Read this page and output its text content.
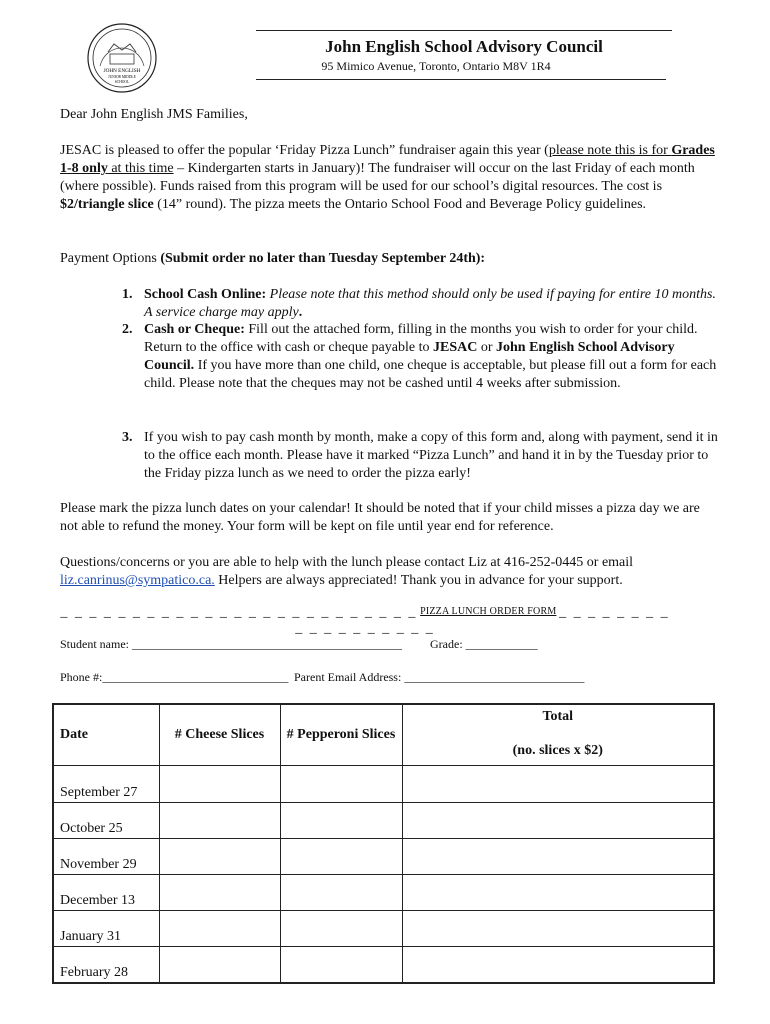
JOHN ENGLISH
JUNIOR MIDDLE
SCHOOL
John English School Advisory Council
95 Mimico Avenue, Toronto, Ontario M8V 1R4
Dear John English JMS Families,
JESAC is pleased to offer the popular ‘Friday Pizza Lunch” fundraiser again this year (please note this is for Grades 1-8 only at this time – Kindergarten starts in January)! The fundraiser will occur on the last Friday of each month (where possible). Funds raised from this program will be used for our school’s digital resources. The cost is $2/triangle slice (14” round). The pizza meets the Ontario School Food and Beverage Policy guidelines.
Payment Options (Submit order no later than Tuesday September 24th):
1. School Cash Online: Please note that this method should only be used if paying for entire 10 months. A service charge may apply.
2. Cash or Cheque: Fill out the attached form, filling in the months you wish to order for your child. Return to the office with cash or cheque payable to JESAC or John English School Advisory Council. If you have more than one child, one cheque is acceptable, but please fill out a form for each child. Please note that the cheques may not be cashed until 4 weeks after submission.
3. If you wish to pay cash month by month, make a copy of this form and, along with payment, send it in to the office each month. Please have it marked “Pizza Lunch” and hand it in by the Tuesday prior to the Friday pizza lunch as we need to order the pizza early!
Please mark the pizza lunch dates on your calendar! It should be noted that if your child misses a pizza day we are not able to refund the money. Your form will be kept on file until year end for reference.
Questions/concerns or you are able to help with the lunch please contact Liz at 416-252-0445 or email liz.canrinus@sympatico.ca. Helpers are always appreciated! Thank you in advance for your support.
_ _ _ _ _ _ _ _ _ _ _ _ _ _ _ _ _ _ _ _ _ _ _ _ _ PIZZA LUNCH ORDER FORM _ _ _ _ _ _ _ _ _ _ _ _ _ _ _ _ _ _
Student name: _____________________________________________ Grade: ____________
Phone #:_______________________________ Parent Email Address: ______________________________
Date	# Cheese Slices	# Pepperoni Slices	Total
(no. slices x $2)

September 27			
October 25			
November 29			
December 13			
January 31			
February 28			
